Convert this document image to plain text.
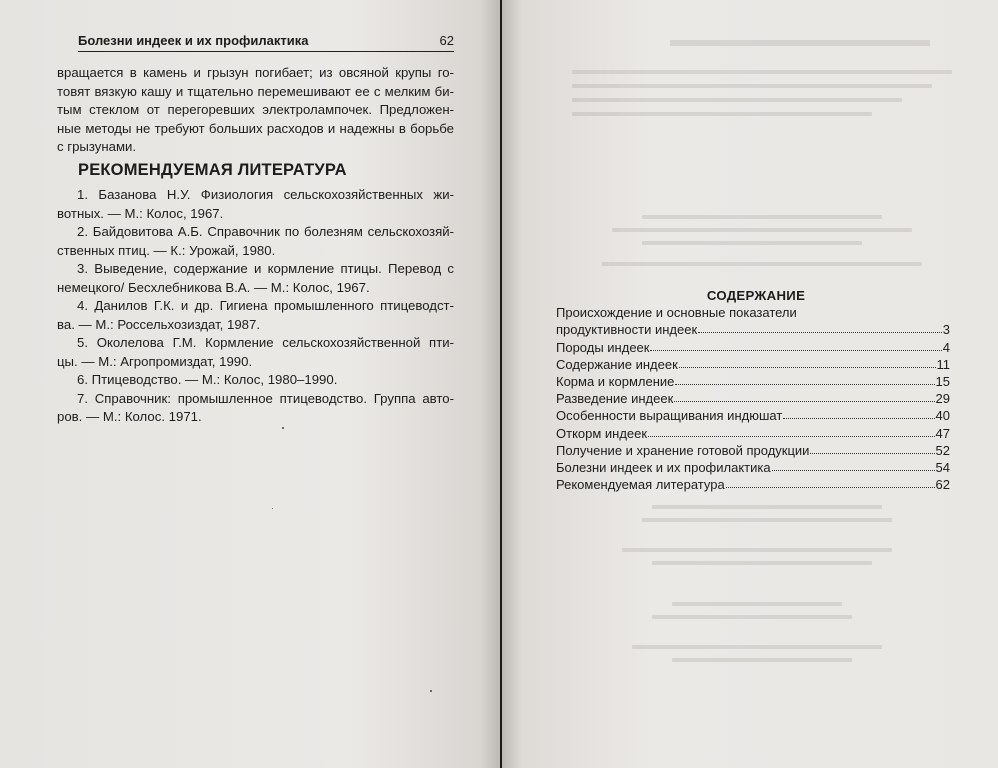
Болезни индеек и их профилактика	62
вращается в камень и грызун погибает; из овсяной крупы го-
товят вязкую кашу и тщательно перемешивают ее с мелким би-
тым стеклом от перегоревших электролампочек. Предложен-
ные методы не требуют больших расходов и надежны в борьбе
с грызунами.
РЕКОМЕНДУЕМАЯ ЛИТЕРАТУРА
1. Базанова Н.У. Физиология сельскохозяйственных жи-
вотных. — М.: Колос, 1967.
2. Байдовитова А.Б. Справочник по болезням сельскохозяй-
ственных птиц. — К.: Урожай, 1980.
3. Выведение, содержание и кормление птицы. Перевод с
немецкого/ Бесхлебникова В.А. — М.: Колос, 1967.
4. Данилов Г.К. и др. Гигиена промышленного птицеводст-
ва. — М.: Россельхозиздат, 1987.
5. Околелова Г.М. Кормление сельскохозяйственной пти-
цы. — М.: Агропромиздат, 1990.
6. Птицеводство. — М.: Колос, 1980–1990.
7. Справочник: промышленное птицеводство. Группа авто-
ров. — М.: Колос. 1971.
СОДЕРЖАНИЕ
Происхождение и основные показатели
продуктивности индеек	3
Породы индеек	4
Содержание индеек	11
Корма и кормление	15
Разведение индеек	29
Особенности выращивания индюшат	40
Откорм индеек	47
Получение и хранение готовой продукции	52
Болезни индеек и их профилактика	54
Рекомендуемая литература	62
